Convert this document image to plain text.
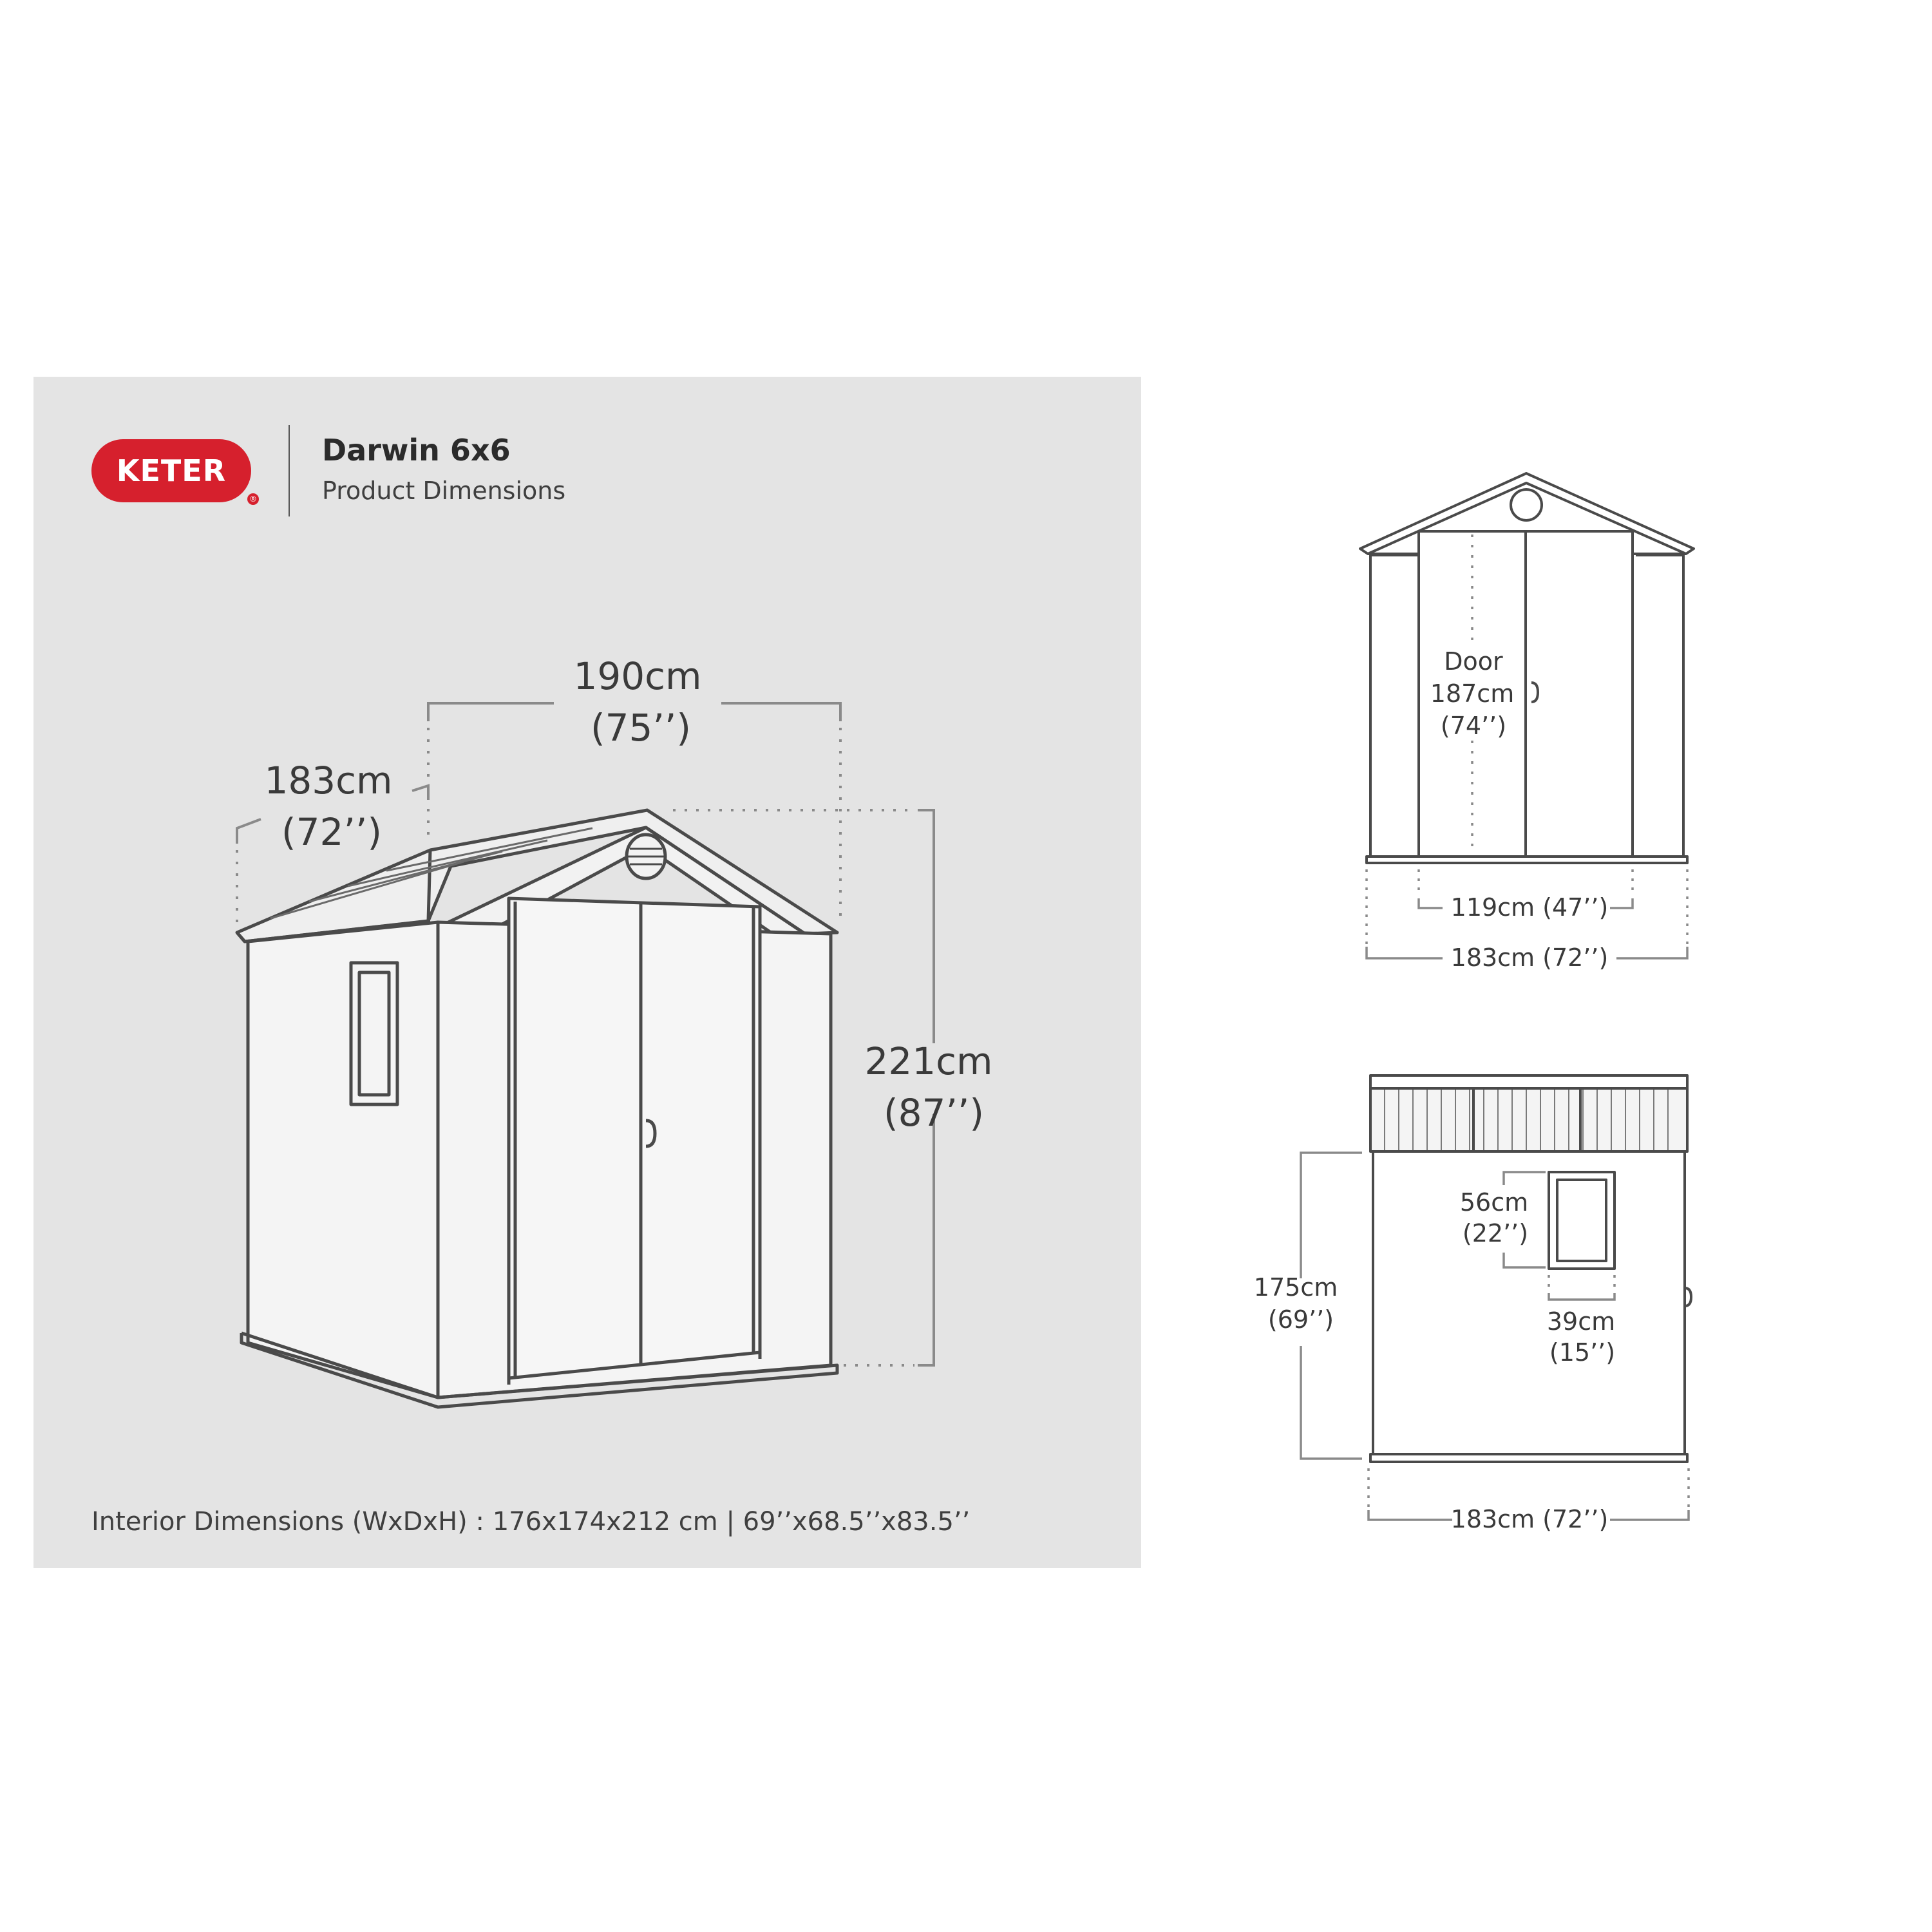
KETER
®
Darwin 6x6
Product Dimensions
190cm
(75’’)
183cm
(72’’)
221cm
(87’’)
Door
187cm
(74’’)
119cm (47’’)
183cm (72’’)
56cm
(22’’)
39cm
(15’’)
175cm
(69’’)
183cm (72’’)
Interior Dimensions (WxDxH) : 176x174x212 cm | 69’’x68.5’’x83.5’’
